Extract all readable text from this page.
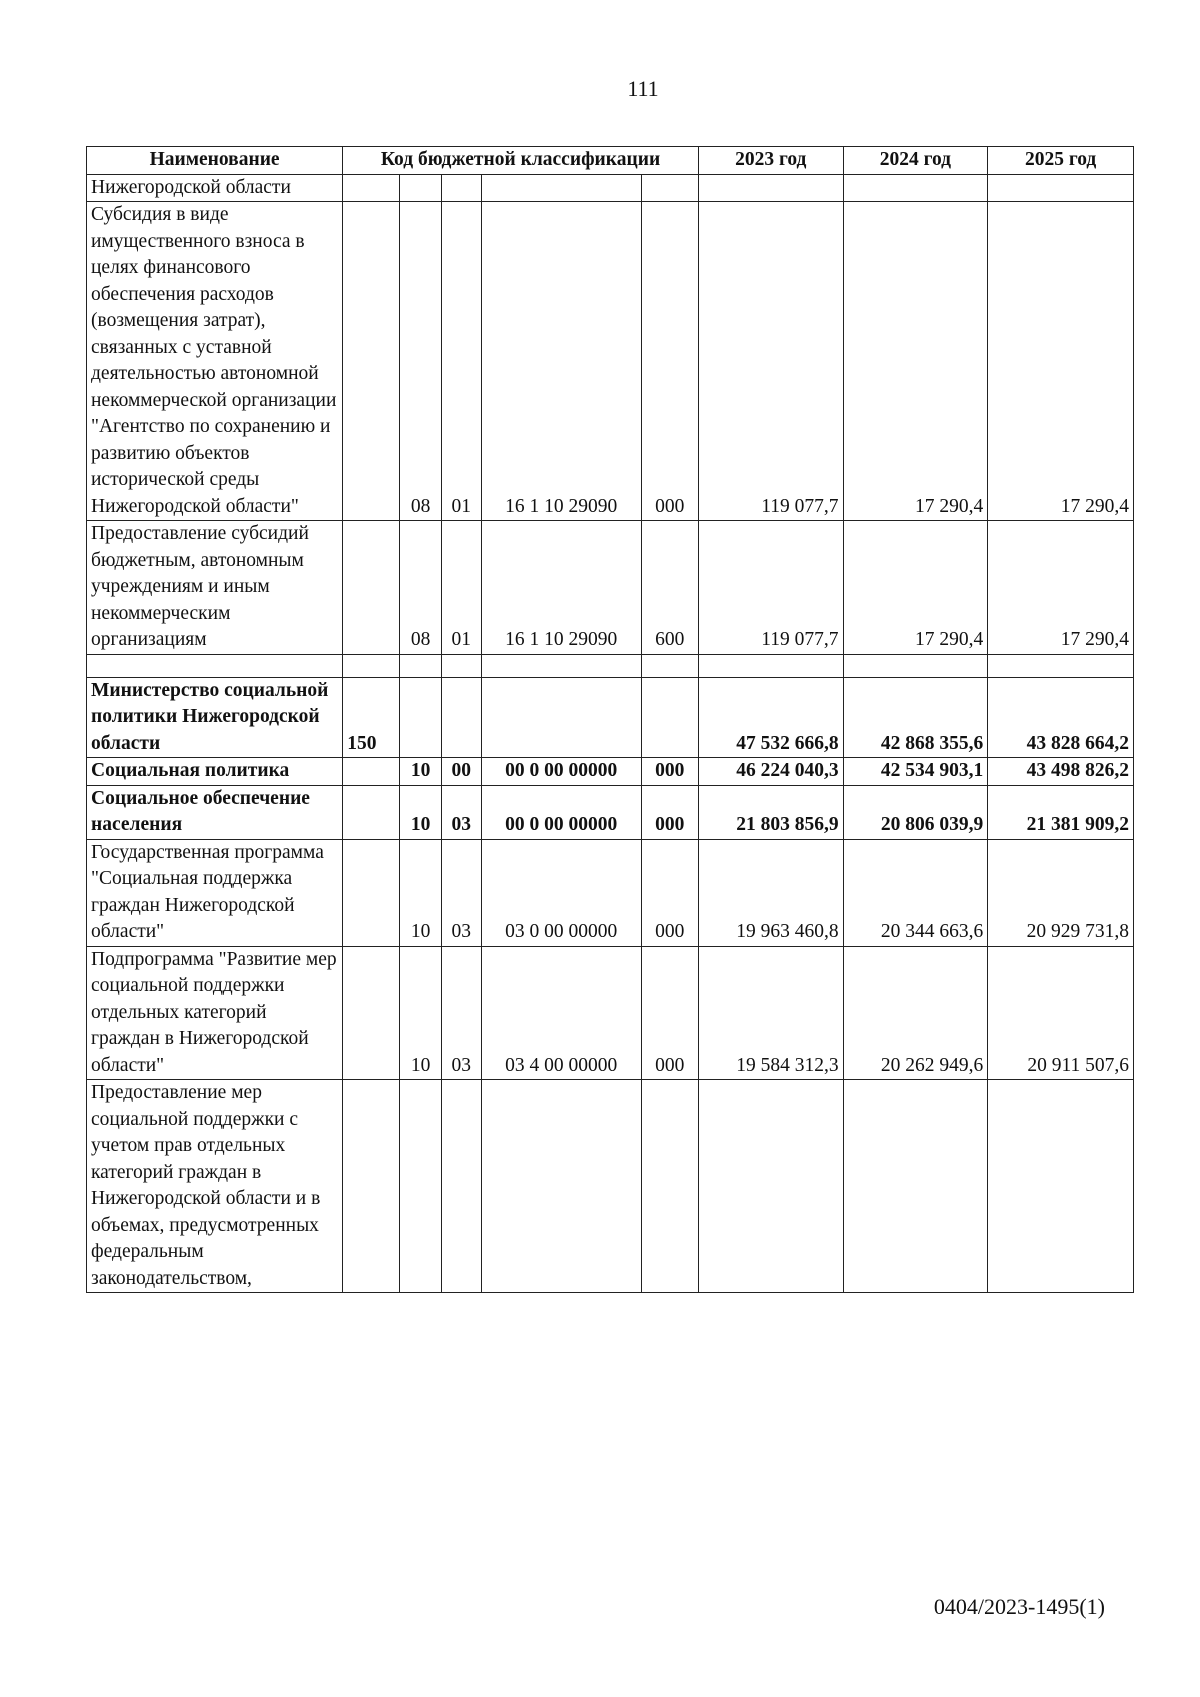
111
Наименование	Код бюджетной классификации					2023 год	2024 год	2025 год
Нижегородской области								
Субсидия в виде имущественного взноса в целях финансового обеспечения расходов (возмещения затрат), связанных с уставной деятельностью автономной некоммерческой организации "Агентство по сохранению и развитию объектов исторической среды Нижегородской области"		08	01	16 1 10 29090	000	119 077,7	17 290,4	17 290,4
Предоставление субсидий бюджетным, автономным учреждениям и иным некоммерческим организациям		08	01	16 1 10 29090	600	119 077,7	17 290,4	17 290,4

Министерство социальной политики Нижегородской области	150					47 532 666,8	42 868 355,6	43 828 664,2
Социальная политика		10	00	00 0 00 00000	000	46 224 040,3	42 534 903,1	43 498 826,2
Социальное обеспечение населения		10	03	00 0 00 00000	000	21 803 856,9	20 806 039,9	21 381 909,2
Государственная программа "Социальная поддержка граждан Нижегородской области"		10	03	03 0 00 00000	000	19 963 460,8	20 344 663,6	20 929 731,8
Подпрограмма "Развитие мер социальной поддержки отдельных категорий граждан в Нижегородской области"		10	03	03 4 00 00000	000	19 584 312,3	20 262 949,6	20 911 507,6
Предоставление мер социальной поддержки с учетом прав отдельных категорий граждан в Нижегородской области и в объемах, предусмотренных федеральным законодательством,								
0404/2023-1495(1)
